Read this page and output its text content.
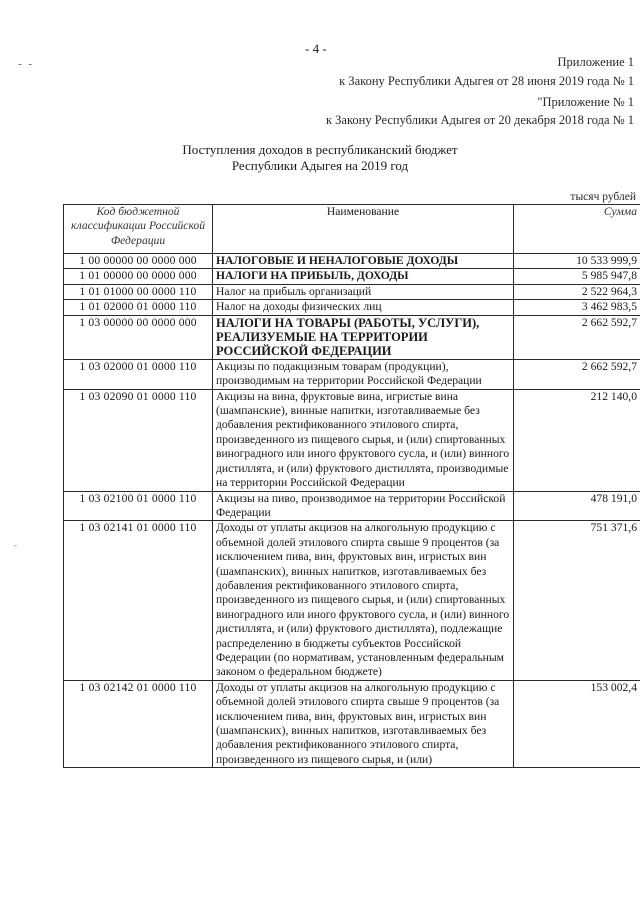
- 4 -
- -
-
Приложение 1
к Закону Республики Адыгея от 28 июня 2019 года № 1
"Приложение № 1
к Закону Республики Адыгея от 20 декабря 2018 года № 1
Поступления доходов в республиканский бюджет
Республики Адыгея на 2019 год
тысяч рублей
Код бюджетной классификации Российской Федерации	Наименование	Сумма
1 00 00000 00 0000 000	НАЛОГОВЫЕ И НЕНАЛОГОВЫЕ ДОХОДЫ	10 533 999,9
1 01 00000 00 0000 000	НАЛОГИ НА ПРИБЫЛЬ, ДОХОДЫ	5 985 947,8
1 01 01000 00 0000 110	Налог на прибыль организаций	2 522 964,3
1 01 02000 01 0000 110	Налог на доходы физических лиц	3 462 983,5
1 03 00000 00 0000 000	НАЛОГИ НА ТОВАРЫ (РАБОТЫ, УСЛУГИ), РЕАЛИЗУЕМЫЕ НА ТЕРРИТОРИИ РОССИЙСКОЙ ФЕДЕРАЦИИ	2 662 592,7
1 03 02000 01 0000 110	Акцизы по подакцизным товарам (продукции), производимым на территории Российской Федерации	2 662 592,7
1 03 02090 01 0000 110	Акцизы на вина, фруктовые вина, игристые вина (шампанские), винные напитки, изготавливаемые без добавления ректификованного этилового спирта, произведенного из пищевого сырья, и (или) спиртованных виноградного или иного фруктового сусла, и (или) винного дистиллята, и (или) фруктового дистиллята, производимые на территории Российской Федерации	212 140,0
1 03 02100 01 0000 110	Акцизы на пиво, производимое на территории Российской Федерации	478 191,0
1 03 02141 01 0000 110	Доходы от уплаты акцизов на алкогольную продукцию с объемной долей этилового спирта свыше 9 процентов (за исключением пива, вин, фруктовых вин, игристых вин (шампанских), винных напитков, изготавливаемых без добавления ректификованного этилового спирта, произведенного из пищевого сырья, и (или) спиртованных виноградного или иного фруктового сусла, и (или) винного дистиллята, и (или) фруктового дистиллята), подлежащие распределению в бюджеты субъектов Российской Федерации (по нормативам, установленным федеральным законом о федеральном бюджете)	751 371,6
1 03 02142 01 0000 110	Доходы от уплаты акцизов на алкогольную продукцию с объемной долей этилового спирта свыше 9 процентов (за исключением пива, вин, фруктовых вин, игристых вин (шампанских), винных напитков, изготавливаемых без добавления ректификованного этилового спирта, произведенного из пищевого сырья, и (или)	153 002,4
